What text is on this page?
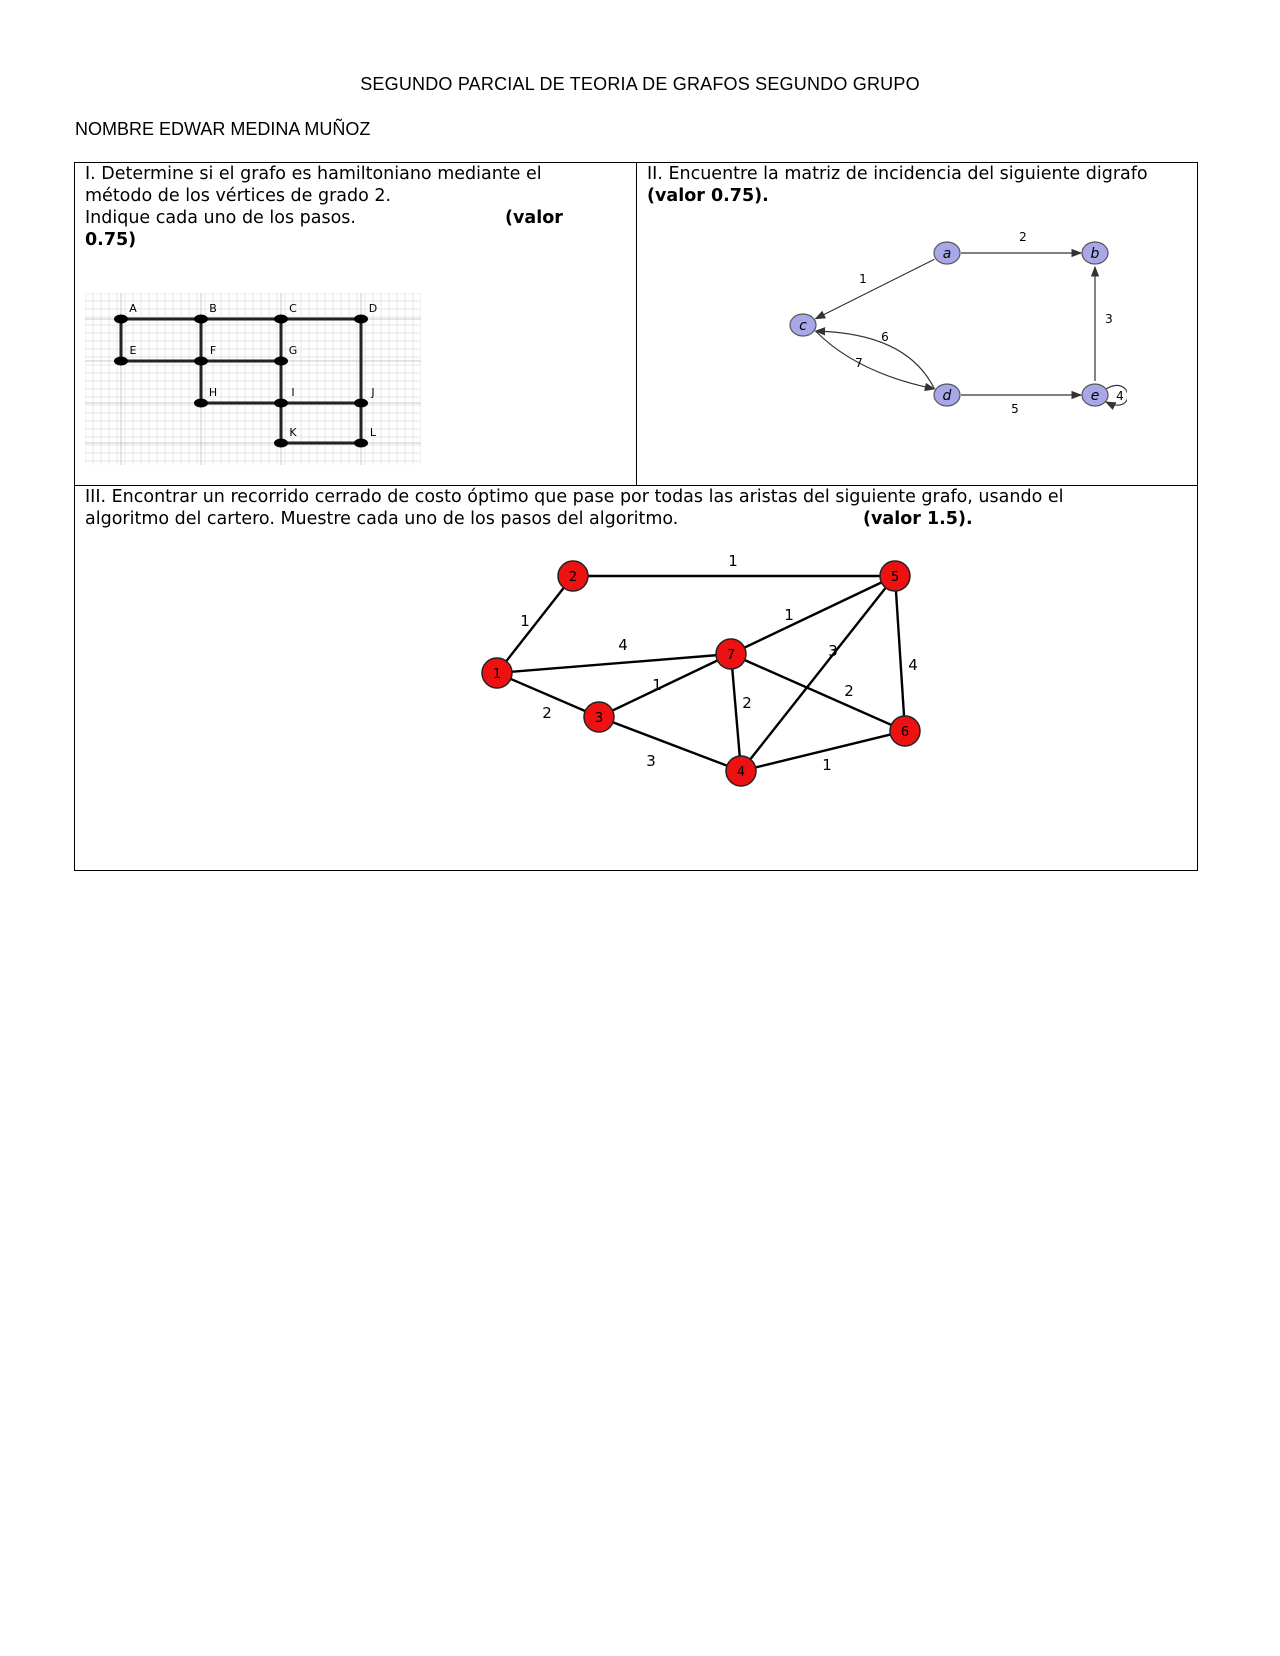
SEGUNDO PARCIAL DE TEORIA DE GRAFOS SEGUNDO GRUPO
NOMBRE EDWAR MEDINA MUÑOZ
I. Determine si el grafo es hamiltoniano mediante el
método de los vértices de grado 2.
Indique cada uno de los pasos.	(valor
0.75)
A	B	C	D
E	F	G
H	I	J
K	L
II. Encuentre la matriz de incidencia del siguiente digrafo
(valor 0.75).
1
2
3
4
5
6
7
a	b
c
d	e
III. Encontrar un recorrido cerrado de costo óptimo que pase por todas las aristas del siguiente grafo, usando el
algoritmo del cartero. Muestre cada uno de los pasos del algoritmo.	(valor 1.5).
1
1
4
1
3
4
2
1
2
2
3	1
1
2
3
4
5
6
7
